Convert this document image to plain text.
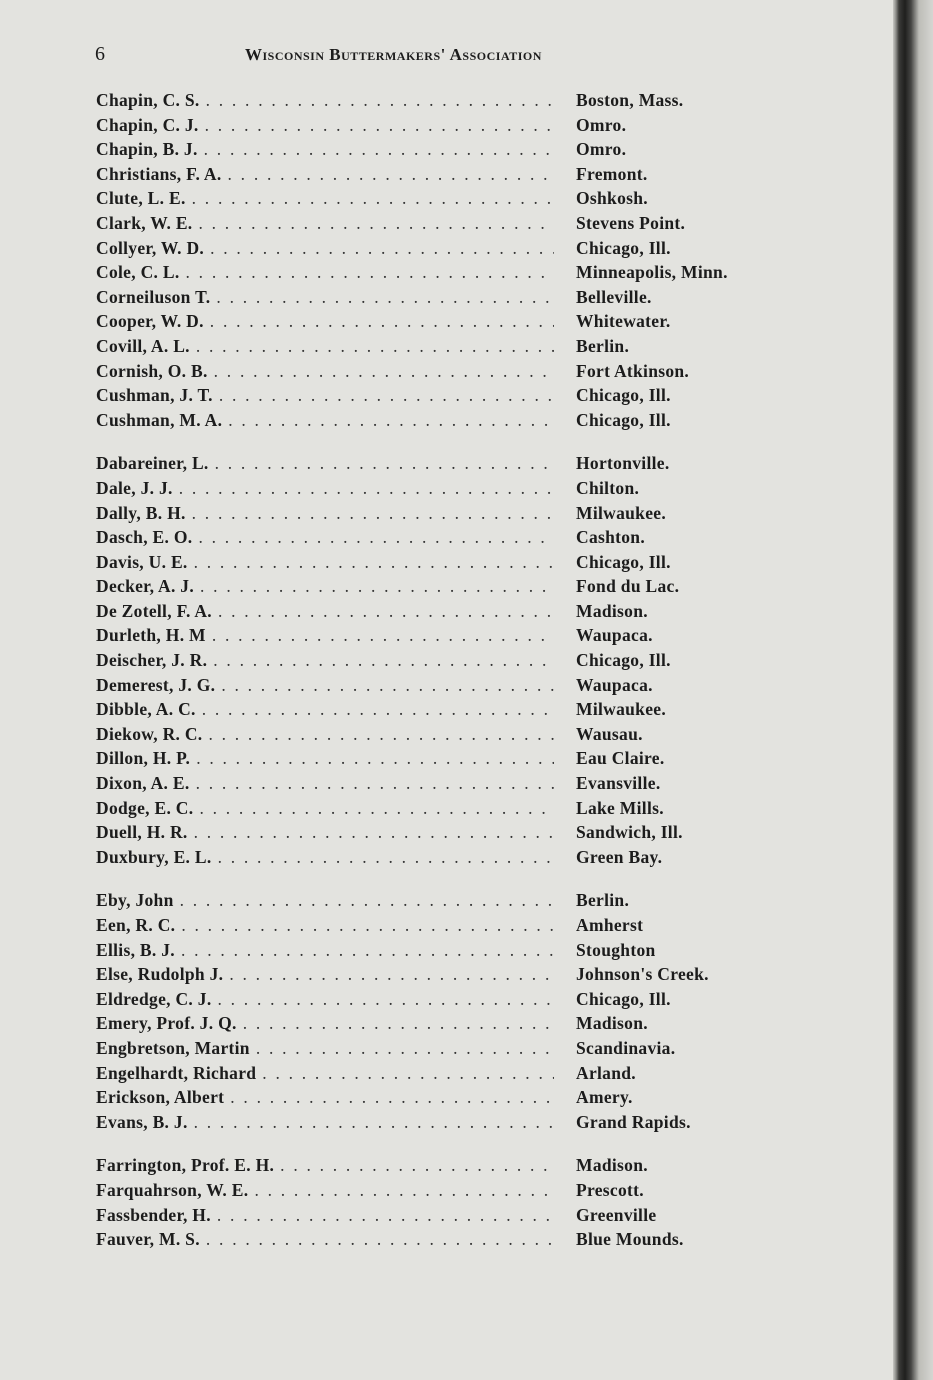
6	Wisconsin Buttermakers' Association
Chapin, C. S. . . .	Boston, Mass.
Chapin, C. J. . . .	Omro.
Chapin, B. J. . . .	Omro.
Christians, F. A. . . .	Fremont.
Clute, L. E. . . .	Oshkosh.
Clark, W. E. . . .	Stevens Point.
Collyer, W. D. . . .	Chicago, Ill.
Cole, C. L. . . .	Minneapolis, Minn.
Corneiluson T. . . .	Belleville.
Cooper, W. D. . . .	Whitewater.
Covill, A. L. . . .	Berlin.
Cornish, O. B. . . .	Fort Atkinson.
Cushman, J. T. . . .	Chicago, Ill.
Cushman, M. A. . . .	Chicago, Ill.
Dabareiner, L. . . .	Hortonville.
Dale, J. J. . . .	Chilton.
Dally, B. H. . . .	Milwaukee.
Dasch, E. O. . . .	Cashton.
Davis, U. E. . . .	Chicago, Ill.
Decker, A. J. . . .	Fond du Lac.
De Zotell, F. A. . . .	Madison.
Durleth, H. M . . .	Waupaca.
Deischer, J. R. . . .	Chicago, Ill.
Demerest, J. G. . . .	Waupaca.
Dibble, A. C. . . .	Milwaukee.
Diekow, R. C. . . .	Wausau.
Dillon, H. P. . . .	Eau Claire.
Dixon, A. E. . . .	Evansville.
Dodge, E. C. . . .	Lake Mills.
Duell, H. R. . . .	Sandwich, Ill.
Duxbury, E. L. . . .	Green Bay.
Eby, John . . .	Berlin.
Een, R. C. . . .	Amherst
Ellis, B. J. . . .	Stoughton
Else, Rudolph J. . . .	Johnson's Creek.
Eldredge, C. J. . . .	Chicago, Ill.
Emery, Prof. J. Q. . . .	Madison.
Engbretson, Martin . . .	Scandinavia.
Engelhardt, Richard . . .	Arland.
Erickson, Albert . . .	Amery.
Evans, B. J. . . .	Grand Rapids.
Farrington, Prof. E. H. . . .	Madison.
Farquahrson, W. E. . . .	Prescott.
Fassbender, H. . . .	Greenville
Fauver, M. S. . . .	Blue Mounds.
